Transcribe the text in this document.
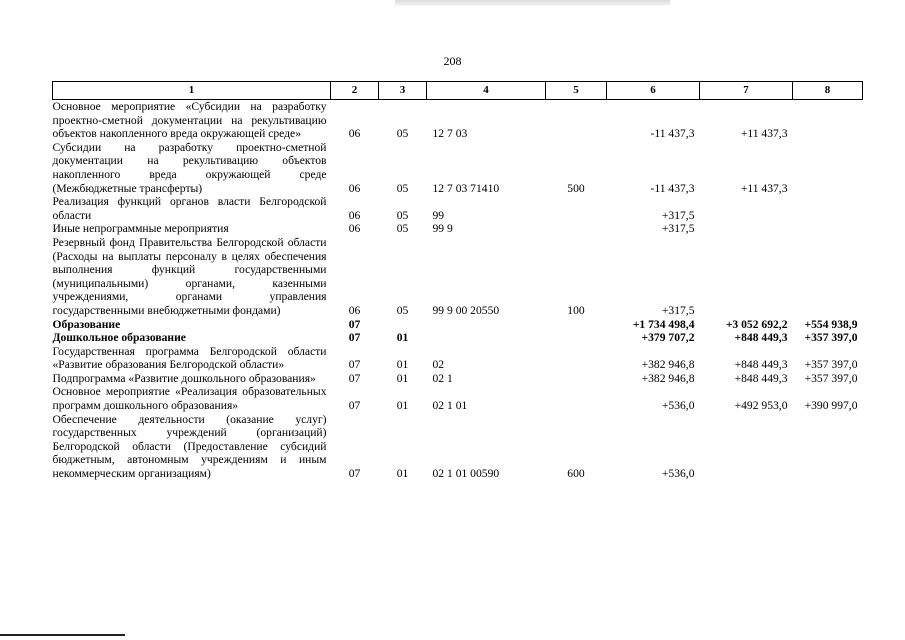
208
1	2	3	4	5	6	7	8
Основное мероприятие «Субсидии на разработку проектно-сметной документации на рекультивацию объектов накопленного вреда окружающей среде»	06	05	12 7 03		-11 437,3	+11 437,3	
Субсидии на разработку проектно-сметной документации на рекультивацию объектов накопленного вреда окружающей среде (Межбюджетные трансферты)	06	05	12 7 03 71410	500	-11 437,3	+11 437,3	
Реализация функций органов власти Белгородской области	06	05	99		+317,5		
Иные непрограммные мероприятия	06	05	99 9		+317,5		
Резервный фонд Правительства Белгородской области (Расходы на выплаты персоналу в целях обеспечения выполнения функций государственными (муниципальными) органами, казенными учреждениями, органами управления государственными внебюджетными фондами)	06	05	99 9 00 20550	100	+317,5		
Образование	07				+1 734 498,4	+3 052 692,2	+554 938,9
Дошкольное образование	07	01			+379 707,2	+848 449,3	+357 397,0
Государственная программа Белгородской области «Развитие образования Белгородской области»	07	01	02		+382 946,8	+848 449,3	+357 397,0
Подпрограмма «Развитие дошкольного образования»	07	01	02 1		+382 946,8	+848 449,3	+357 397,0
Основное мероприятие «Реализация образовательных программ дошкольного образования»	07	01	02 1 01		+536,0	+492 953,0	+390 997,0
Обеспечение деятельности (оказание услуг) государственных учреждений (организаций) Белгородской области (Предоставление субсидий бюджетным, автономным учреждениям и иным некоммерческим организациям)	07	01	02 1 01 00590	600	+536,0		
